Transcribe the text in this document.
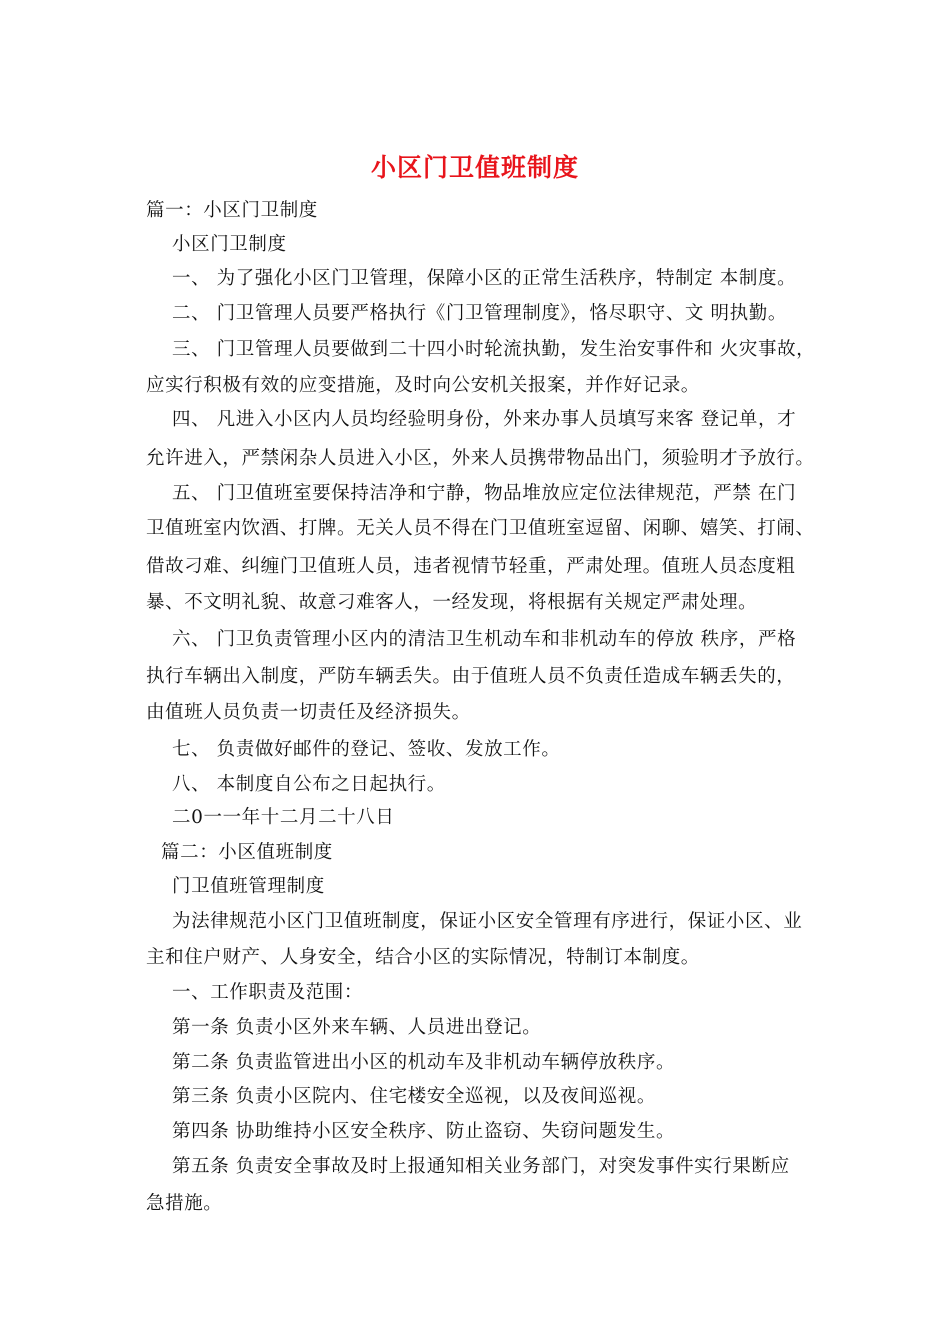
小区门卫值班制度
篇一：小区门卫制度
小区门卫制度
一、 为了强化小区门卫管理，保障小区的正常生活秩序，特制定 本制度。
二、 门卫管理人员要严格执行《门卫管理制度》，恪尽职守、文 明执勤。
三、 门卫管理人员要做到二十四小时轮流执勤，发生治安事件和 火灾事故，
应实行积极有效的应变措施，及时向公安机关报案，并作好记录。
四、 凡进入小区内人员均经验明身份，外来办事人员填写来客 登记单，才
允许进入，严禁闲杂人员进入小区，外来人员携带物品出门，须验明才予放行。
五、 门卫值班室要保持洁净和宁静，物品堆放应定位法律规范，严禁 在门
卫值班室内饮酒、打牌。无关人员不得在门卫值班室逗留、闲聊、嬉笑、打闹、
借故刁难、纠缠门卫值班人员，违者视情节轻重，严肃处理。值班人员态度粗
暴、不文明礼貌、故意刁难客人，一经发现，将根据有关规定严肃处理。
六、 门卫负责管理小区内的清洁卫生机动车和非机动车的停放 秩序，严格
执行车辆出入制度，严防车辆丢失。由于值班人员不负责任造成车辆丢失的，
由值班人员负责一切责任及经济损失。
七、 负责做好邮件的登记、签收、发放工作。
八、 本制度自公布之日起执行。
二0一一年十二月二十八日
篇二：小区值班制度
门卫值班管理制度
为法律规范小区门卫值班制度，保证小区安全管理有序进行，保证小区、业
主和住户财产、人身安全，结合小区的实际情况，特制订本制度。
一、工作职责及范围：
第一条 负责小区外来车辆、人员进出登记。
第二条 负责监管进出小区的机动车及非机动车辆停放秩序。
第三条 负责小区院内、住宅楼安全巡视，以及夜间巡视。
第四条 协助维持小区安全秩序、防止盗窃、失窃问题发生。
第五条 负责安全事故及时上报通知相关业务部门，对突发事件实行果断应
急措施。
